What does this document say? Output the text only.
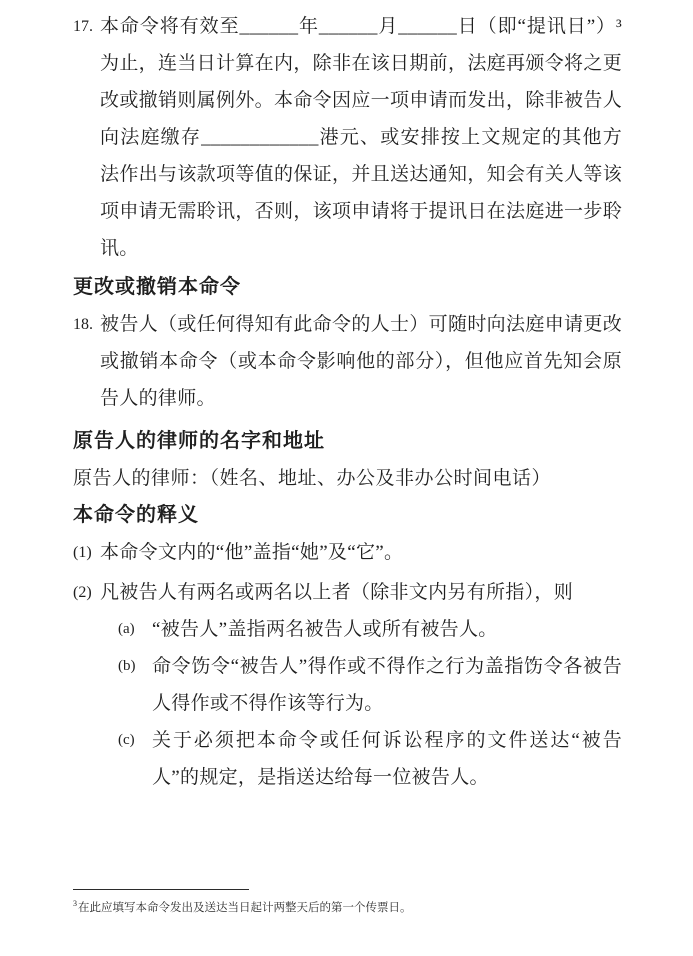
17. 本命令将有效至______年______月______日（即“提讯日”）³为止，连当日计算在内，除非在该日期前，法庭再颁令将之更改或撤销则属例外。本命令因应一项申请而发出，除非被告人向法庭缴存____________港元、或安排按上文规定的其他方法作出与该款项等值的保证，并且送达通知，知会有关人等该项申请无需聆讯，否则，该项申请将于提讯日在法庭进一步聆讯。
更改或撤销本命令
18. 被告人（或任何得知有此命令的人士）可随时向法庭申请更改或撤销本命令（或本命令影响他的部分），但他应首先知会原告人的律师。
原告人的律师的名字和地址
原告人的律师：（姓名、地址、办公及非办公时间电话）
本命令的释义
(1) 本命令文内的“他”盖指“她”及“它”。
(2) 凡被告人有两名或两名以上者（除非文内另有所指），则
(a) “被告人”盖指两名被告人或所有被告人。
(b) 命令饬令“被告人”得作或不得作之行为盖指饬令各被告人得作或不得作该等行为。
(c) 关于必须把本命令或任何诉讼程序的文件送达“被告人”的规定，是指送达给每一位被告人。
$^3$在此应填写本命令发出及送达当日起计两整天后的第一个传票日。
